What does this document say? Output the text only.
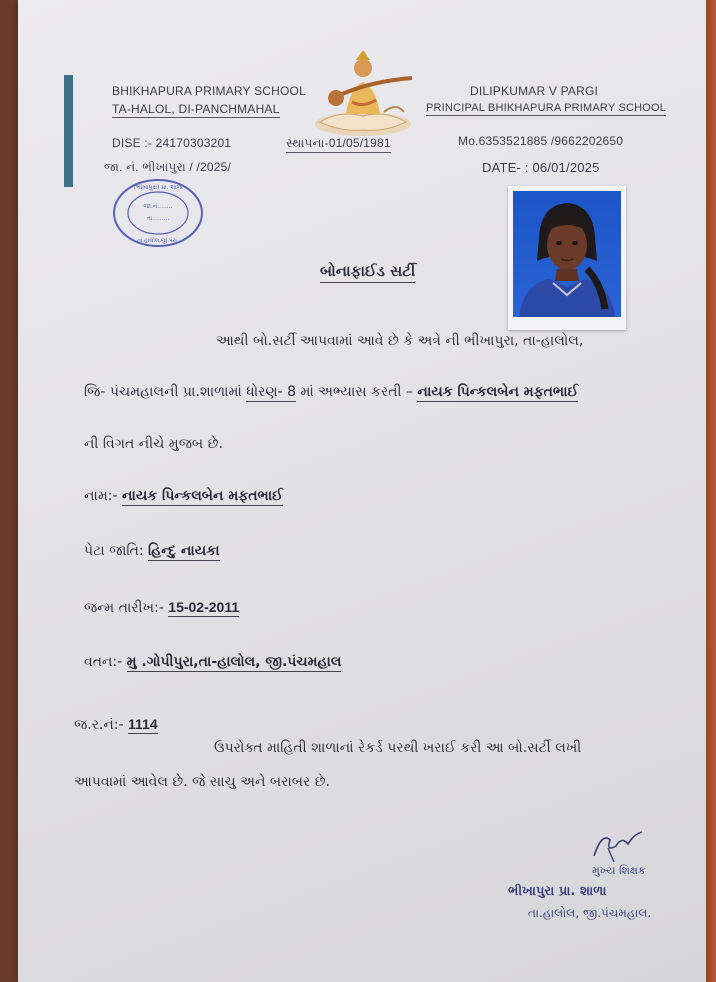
BHIKHAPURA PRIMARY SCHOOL
TA-HALOL, DI-PANCHMAHAL
DILIPKUMAR V PARGI
PRINCIPAL BHIKHAPURA PRIMARY SCHOOL
DISE :- 24170303201	સ્થાપના-01/05/1981	Mo.6353521885 /9662202650
જા. નં. ભીખાપુરા / /2025/	DATE- : 06/01/2025
(ભીખાપુરા) પ્રા. શાળા
જા.નં........
તા.........
તા.હાલોલ,જી.પંચ.
બોનાફાઈડ સર્ટી
આથી બો.સર્ટી આપવામાં આવે છે કે અત્રે ની ભીખાપુરા, તા-હાલોલ,
જિ- પંચમહાલની પ્રા.શાળામાં ધોરણ- 8 માં અભ્યાસ કરતી – નાયક પિન્કલબેન મફતભાઈ
ની વિગત નીચે મુજબ છે.
નામ:- નાયક પિન્કલબેન મફતભાઈ
પેટા જાતિ: હિન્દુ નાયકા
જન્મ તારીખ:- 15-02-2011
વતન:- મુ .ગોપીપુરા,તા-હાલોલ, જી.પંચમહાલ
જ.ર.નં:- 1114
ઉપરોક્ત માહિતી શાળાનાં રેકર્ડ પરથી ખરાઈ કરી આ બો.સર્ટી લખી
આપવામાં આવેલ છે. જે સાચુ અને બરાબર છે.
મુખ્ય શિક્ષક
ભીખાપુરા પ્રા. શાળા
તા.હાલોલ, જી.પંચમહાલ.
